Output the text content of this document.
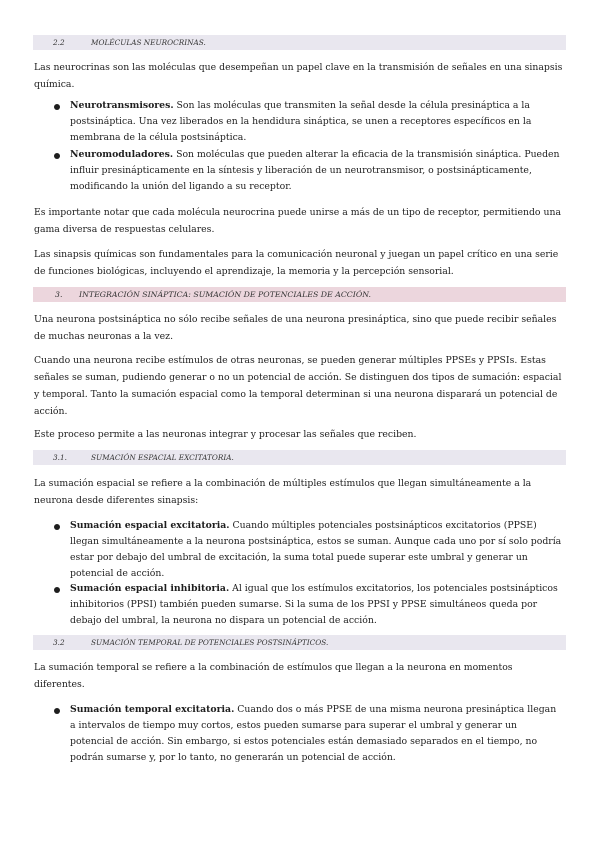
2.2	MOLÉCULAS NEUROCRINAS.

Las neurocrinas son las moléculas que desempeñan un papel clave en la transmisión de señales en una sinapsis química.

Neurotransmisores. Son las moléculas que transmiten la señal desde la célula presináptica a la postsináptica. Una vez liberados en la hendidura sináptica, se unen a receptores específicos en la membrana de la célula postsináptica.

Neuromoduladores. Son moléculas que pueden alterar la eficacia de la transmisión sináptica. Pueden influir presinápticamente en la síntesis y liberación de un neurotransmisor, o postsinápticamente, modificando la unión del ligando a su receptor.

Es importante notar que cada molécula neurocrina puede unirse a más de un tipo de receptor, permitiendo una gama diversa de respuestas celulares.

Las sinapsis químicas son fundamentales para la comunicación neuronal y juegan un papel crítico en una serie de funciones biológicas, incluyendo el aprendizaje, la memoria y la percepción sensorial.

3. INTEGRACIÓN SINÁPTICA: SUMACIÓN DE POTENCIALES DE ACCIÓN.

Una neurona postsináptica no sólo recibe señales de una neurona presináptica, sino que puede recibir señales de muchas neuronas a la vez.

Cuando una neurona recibe estímulos de otras neuronas, se pueden generar múltiples PPSEs y PPSIs. Estas señales se suman, pudiendo generar o no un potencial de acción. Se distinguen dos tipos de sumación: espacial y temporal. Tanto la sumación espacial como la temporal determinan si una neurona disparará un potencial de acción.

Este proceso permite a las neuronas integrar y procesar las señales que reciben.

3.1.	SUMACIÓN ESPACIAL EXCITATORIA.

La sumación espacial se refiere a la combinación de múltiples estímulos que llegan simultáneamente a la neurona desde diferentes sinapsis:

Sumación espacial excitatoria. Cuando múltiples potenciales postsinápticos excitatorios (PPSE) llegan simultáneamente a la neurona postsináptica, estos se suman. Aunque cada uno por sí solo podría estar por debajo del umbral de excitación, la suma total puede superar este umbral y generar un potencial de acción.

Sumación espacial inhibitoria. Al igual que los estímulos excitatorios, los potenciales postsinápticos inhibitorios (PPSI) también pueden sumarse. Si la suma de los PPSI y PPSE simultáneos queda por debajo del umbral, la neurona no dispara un potencial de acción.

3.2	SUMACIÓN TEMPORAL DE POTENCIALES POSTSINÁPTICOS.

La sumación temporal se refiere a la combinación de estímulos que llegan a la neurona en momentos diferentes.

Sumación temporal excitatoria. Cuando dos o más PPSE de una misma neurona presináptica llegan a intervalos de tiempo muy cortos, estos pueden sumarse para superar el umbral y generar un potencial de acción. Sin embargo, si estos potenciales están demasiado separados en el tiempo, no podrán sumarse y, por lo tanto, no generarán un potencial de acción.
